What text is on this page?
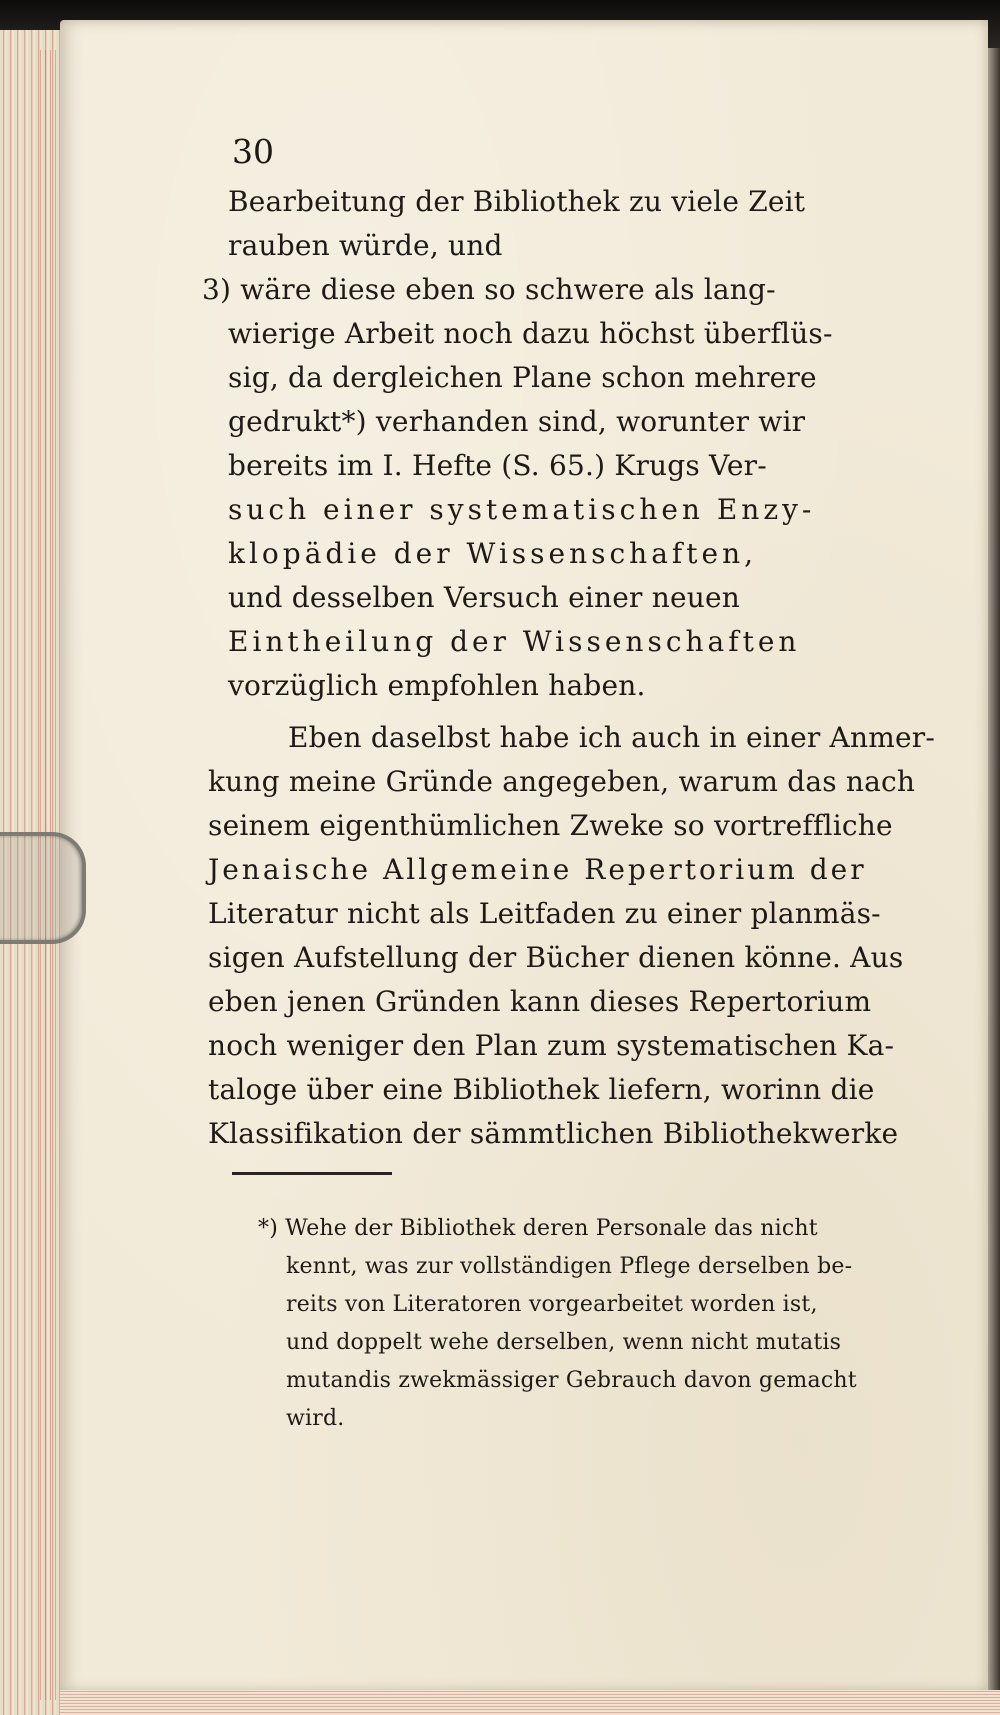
30
Bearbeitung der Bibliothek zu viele Zeit
rauben würde, und
3) wäre diese eben so schwere als lang-
wierige Arbeit noch dazu höchst überflüs-
sig, da dergleichen Plane schon mehrere
gedrukt*) verhanden sind, worunter wir
bereits im I. Hefte (S. 65.) Krugs Ver-
such einer systematischen Enzy-
klopädie der Wissenschaften,
und desselben Versuch einer neuen
Eintheilung der Wissenschaften
vorzüglich empfohlen haben.
Eben daselbst habe ich auch in einer Anmer-
kung meine Gründe angegeben, warum das nach
seinem eigenthümlichen Zweke so vortreffliche
Jenaische Allgemeine Repertorium der
Literatur nicht als Leitfaden zu einer planmäs-
sigen Aufstellung der Bücher dienen könne. Aus
eben jenen Gründen kann dieses Repertorium
noch weniger den Plan zum systematischen Ka-
taloge über eine Bibliothek liefern, worinn die
Klassifikation der sämmtlichen Bibliothekwerke
*) Wehe der Bibliothek deren Personale das nicht
kennt, was zur vollständigen Pflege derselben be-
reits von Literatoren vorgearbeitet worden ist,
und doppelt wehe derselben, wenn nicht mutatis
mutandis zwekmässiger Gebrauch davon gemacht
wird.
